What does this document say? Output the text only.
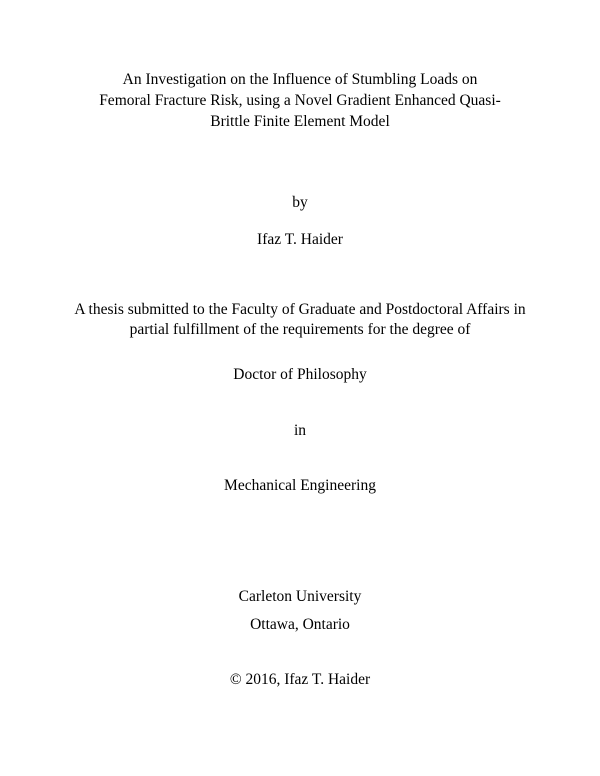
An Investigation on the Influence of Stumbling Loads on
Femoral Fracture Risk, using a Novel Gradient Enhanced Quasi-
Brittle Finite Element Model
by
Ifaz T. Haider
A thesis submitted to the Faculty of Graduate and Postdoctoral Affairs in
partial fulfillment of the requirements for the degree of
Doctor of Philosophy
in
Mechanical Engineering
Carleton University
Ottawa, Ontario
© 2016, Ifaz T. Haider
